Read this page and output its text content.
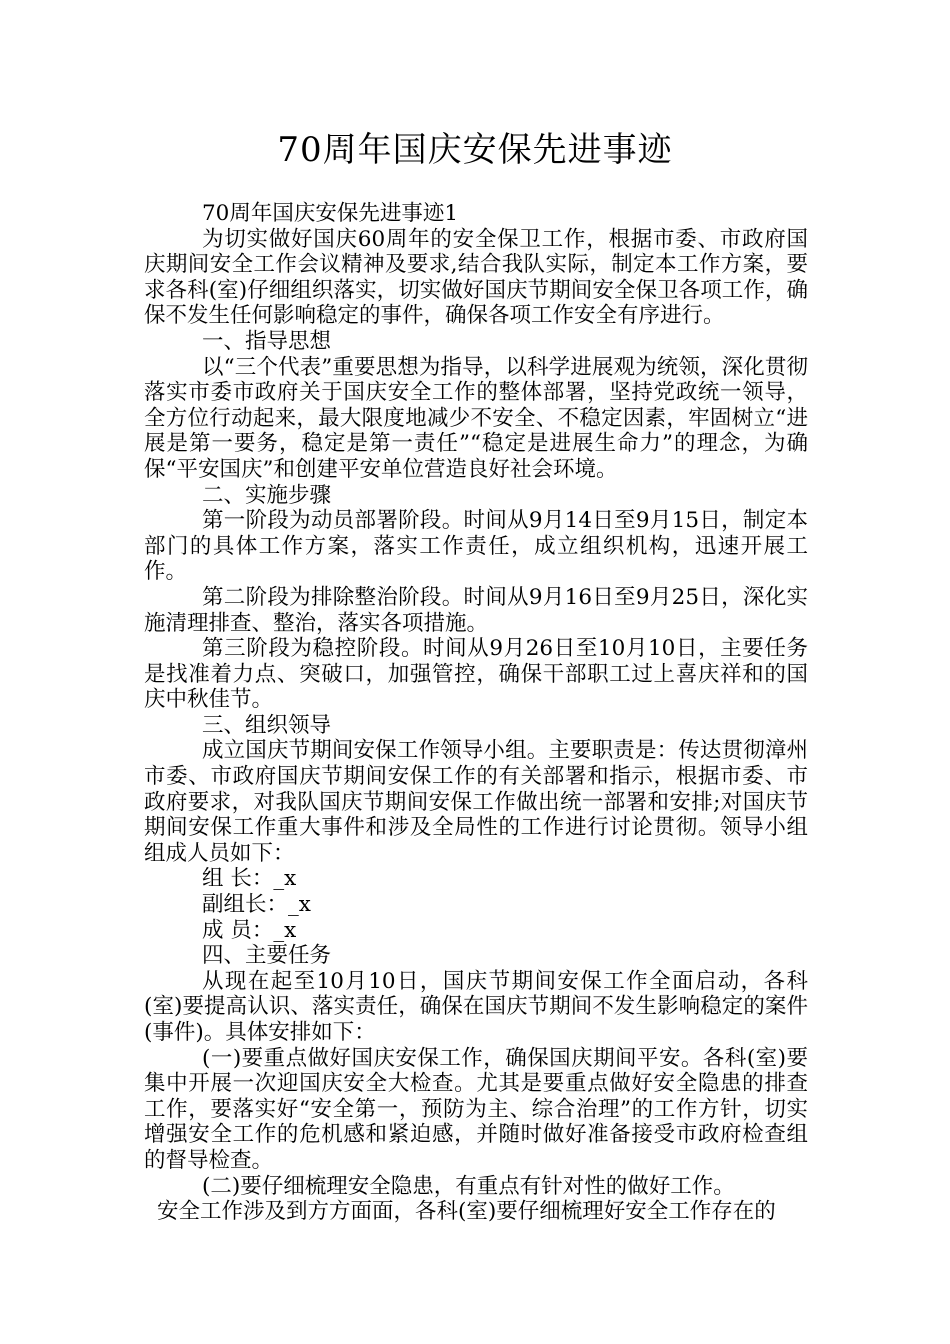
70周年国庆安保先进事迹

70周年国庆安保先进事迹1

为切实做好国庆60周年的安全保卫工作，根据市委、市政府国庆期间安全工作会议精神及要求,结合我队实际，制定本工作方案，要求各科(室)仔细组织落实，切实做好国庆节期间安全保卫各项工作，确保不发生任何影响稳定的事件，确保各项工作安全有序进行。

一、指导思想

以“三个代表”重要思想为指导，以科学进展观为统领，深化贯彻落实市委市政府关于国庆安全工作的整体部署，坚持党政统一领导，全方位行动起来，最大限度地减少不安全、不稳定因素，牢固树立“进展是第一要务，稳定是第一责任”“稳定是进展生命力”的理念，为确保“平安国庆”和创建平安单位营造良好社会环境。

二、实施步骤

第一阶段为动员部署阶段。时间从9月14日至9月15日，制定本部门的具体工作方案，落实工作责任，成立组织机构，迅速开展工作。

第二阶段为排除整治阶段。时间从9月16日至9月25日，深化实施清理排查、整治，落实各项措施。

第三阶段为稳控阶段。时间从9月26日至10月10日，主要任务是找准着力点、突破口，加强管控，确保干部职工过上喜庆祥和的国庆中秋佳节。

三、组织领导

成立国庆节期间安保工作领导小组。主要职责是：传达贯彻漳州市委、市政府国庆节期间安保工作的有关部署和指示，根据市委、市政府要求，对我队国庆节期间安保工作做出统一部署和安排;对国庆节期间安保工作重大事件和涉及全局性的工作进行讨论贯彻。领导小组组成人员如下：

组 长：_x

副组长：_x

成 员：_x

四、主要任务

从现在起至10月10日，国庆节期间安保工作全面启动，各科(室)要提高认识、落实责任，确保在国庆节期间不发生影响稳定的案件(事件)。具体安排如下：

(一)要重点做好国庆安保工作，确保国庆期间平安。各科(室)要集中开展一次迎国庆安全大检查。尤其是要重点做好安全隐患的排查工作，要落实好“安全第一，预防为主、综合治理”的工作方针，切实增强安全工作的危机感和紧迫感，并随时做好准备接受市政府检查组的督导检查。

(二)要仔细梳理安全隐患，有重点有针对性的做好工作。

安全工作涉及到方方面面，各科(室)要仔细梳理好安全工作存在的
